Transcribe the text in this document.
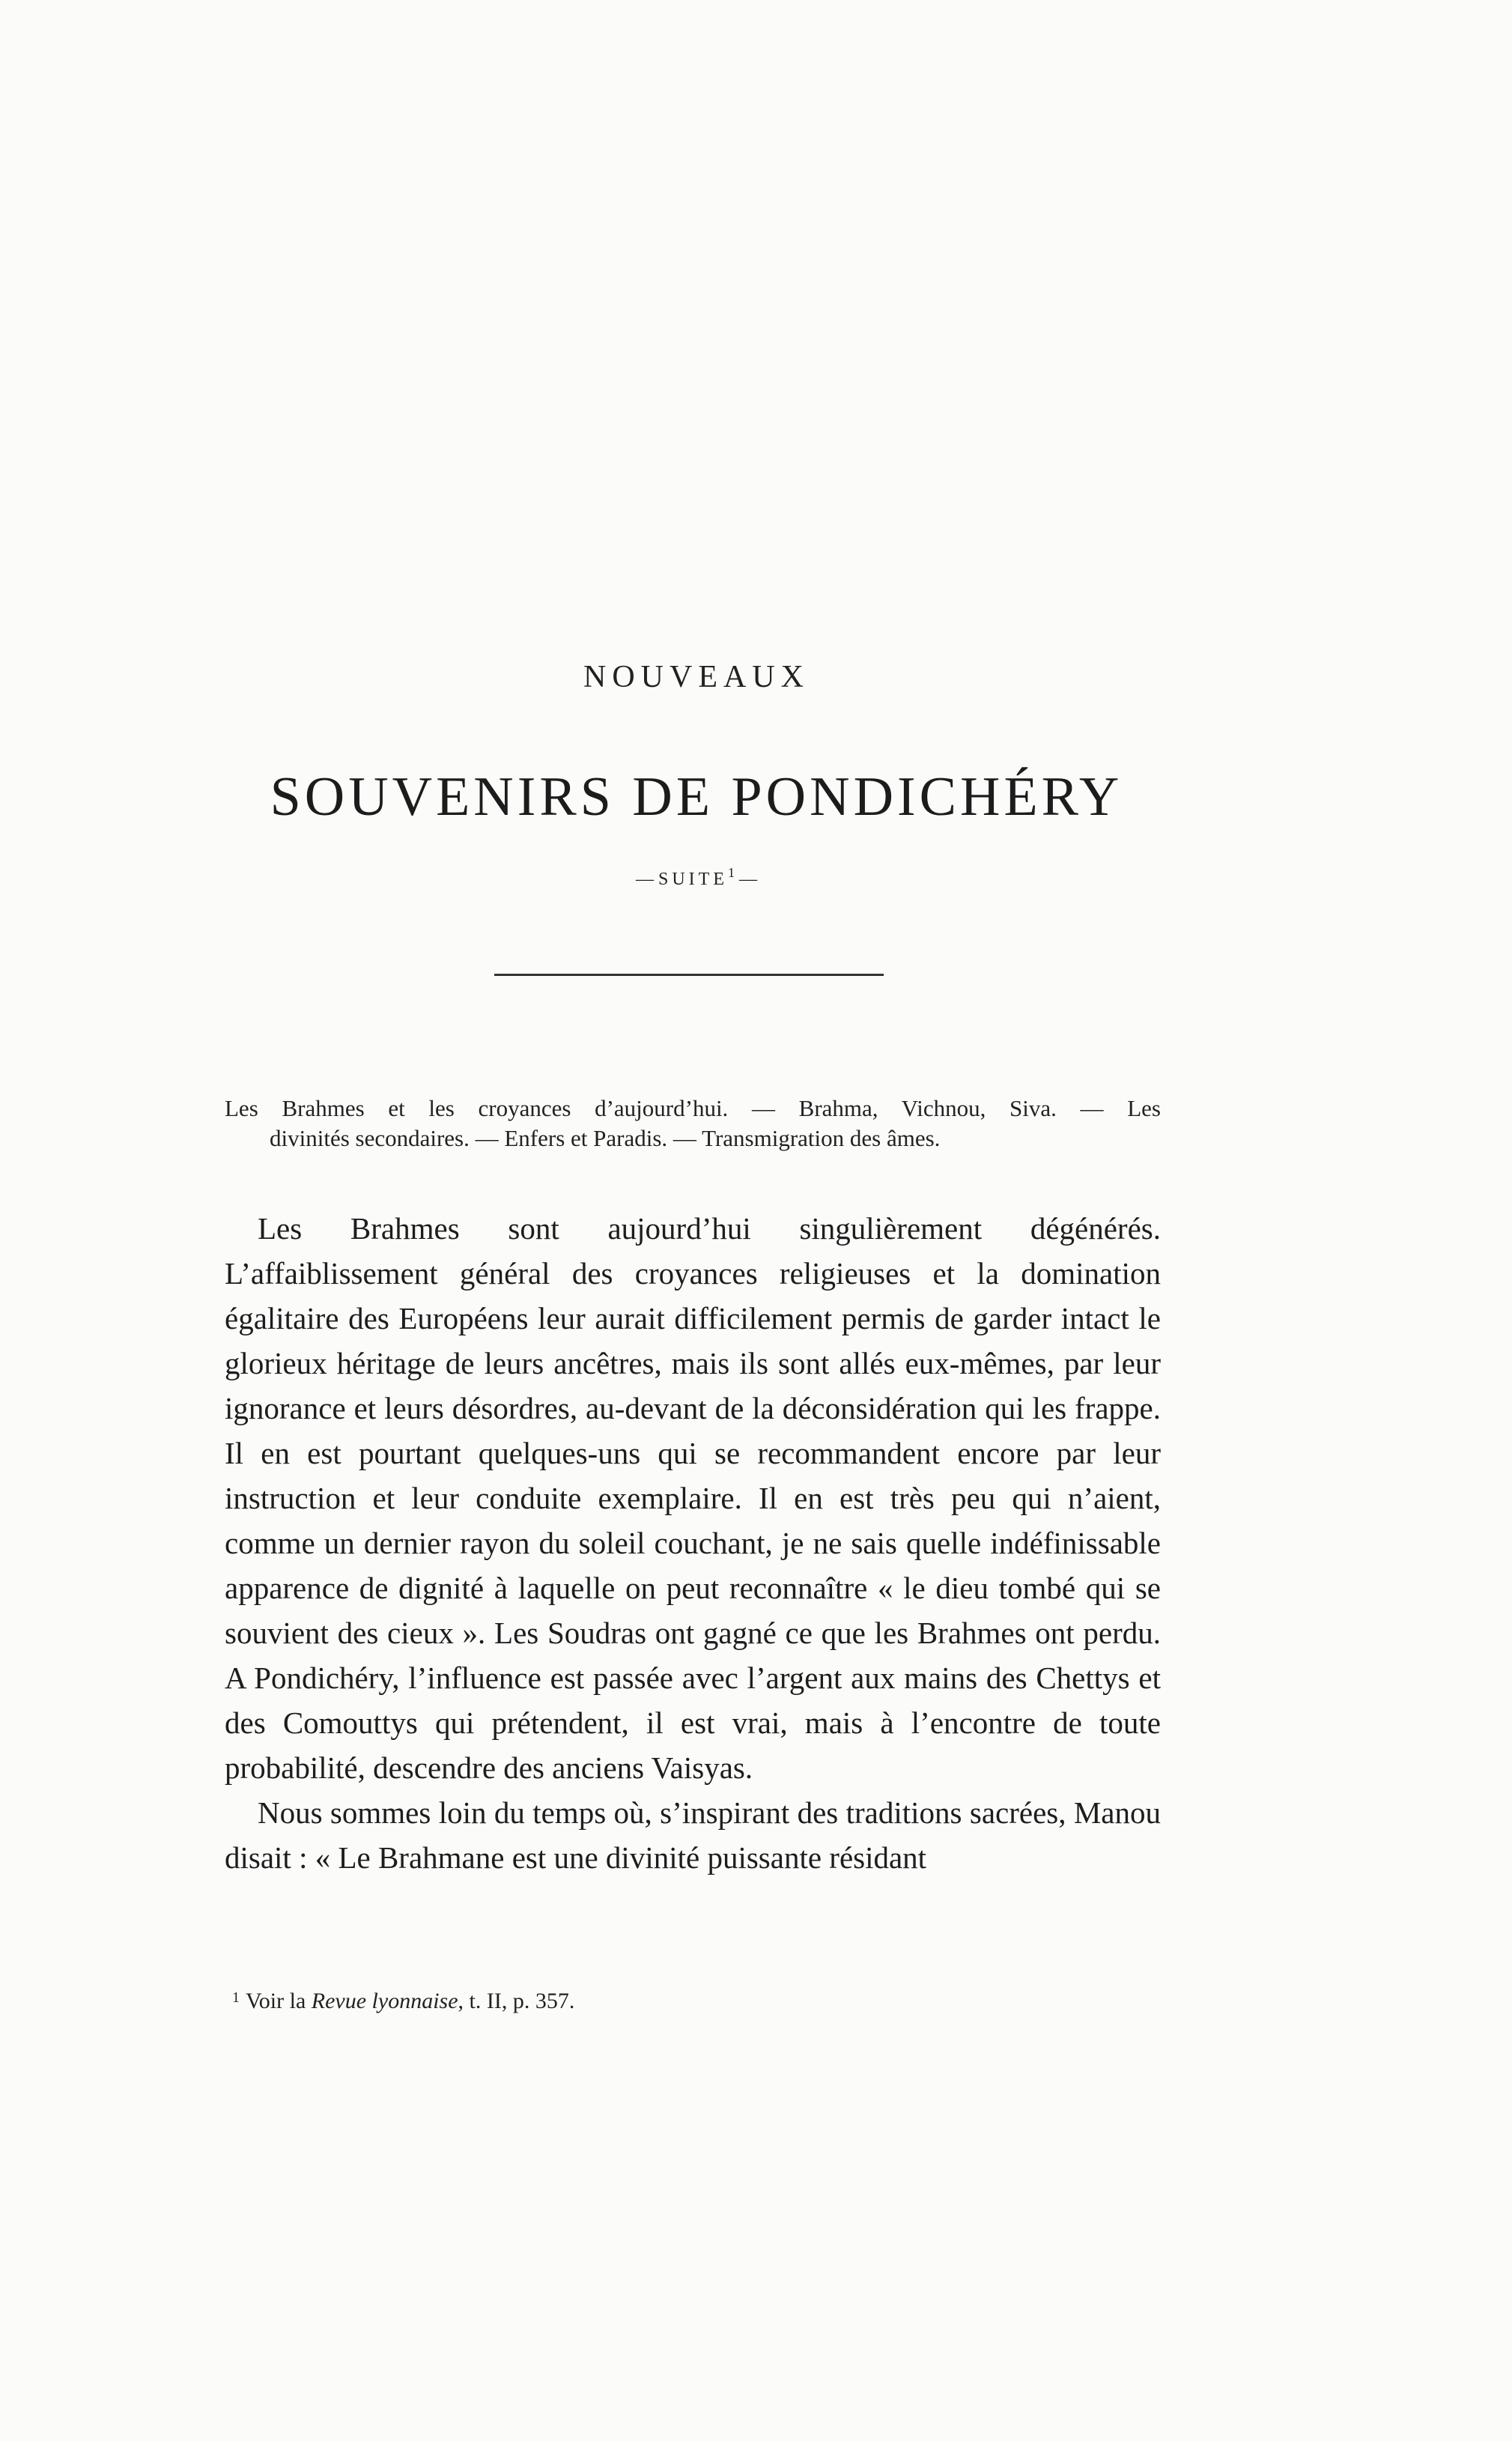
NOUVEAUX
SOUVENIRS DE PONDICHÉRY
— SUITE$^1$ —
Les Brahmes et les croyances d’aujourd’hui. — Brahma, Vichnou, Siva. — Les
divinités secondaires. — Enfers et Paradis. — Transmigration des âmes.

Les Brahmes sont aujourd’hui singulièrement dégénérés. L’affaiblissement général des croyances religieuses et la domination égalitaire des Européens leur aurait difficilement permis de garder intact le glorieux héritage de leurs ancêtres, mais ils sont allés eux-mêmes, par leur ignorance et leurs désordres, au-devant de la déconsidération qui les frappe. Il en est pourtant quelques-uns qui se recommandent encore par leur instruction et leur conduite exemplaire. Il en est très peu qui n’aient, comme un dernier rayon du soleil couchant, je ne sais quelle indéfinissable apparence de dignité à laquelle on peut reconnaître « le dieu tombé qui se souvient des cieux ». Les Soudras ont gagné ce que les Brahmes ont perdu. A Pondichéry, l’influence est passée avec l’argent aux mains des Chettys et des Comouttys qui prétendent, il est vrai, mais à l’encontre de toute probabilité, descendre des anciens Vaisyas.

Nous sommes loin du temps où, s’inspirant des traditions sacrées, Manou disait : « Le Brahmane est une divinité puissante résidant

$^1$ Voir la Revue lyonnaise, t. II, p. 357.
